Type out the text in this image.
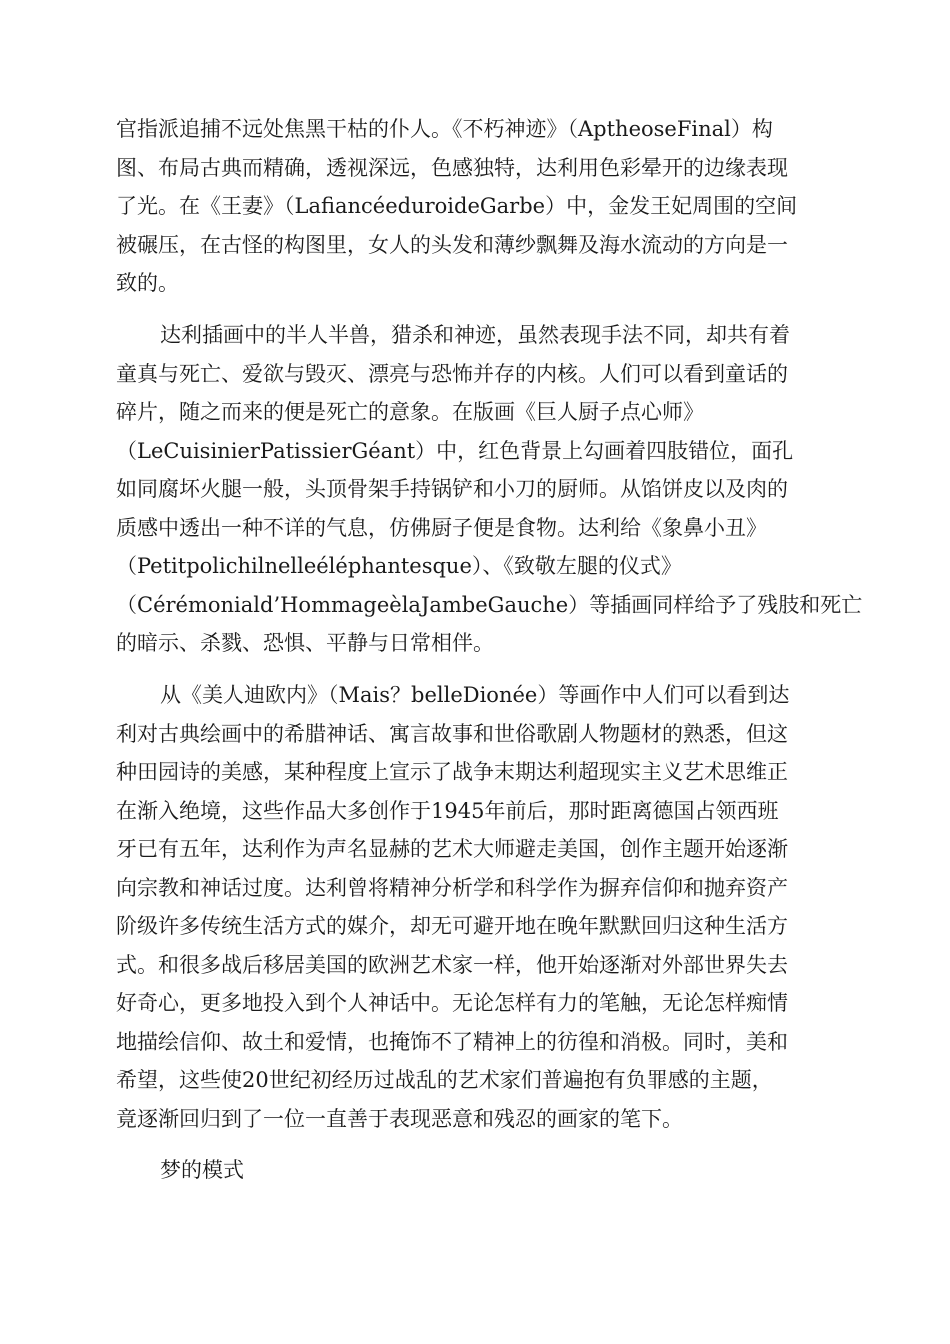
官指派追捕不远处焦黑干枯的仆人。《不朽神迹》（AptheoseFinal）构
图、布局古典而精确，透视深远，色感独特，达利用色彩晕开的边缘表现
了光。在《王妻》（LafiancéeduroideGarbe）中，金发王妃周围的空间
被碾压，在古怪的构图里，女人的头发和薄纱飘舞及海水流动的方向是一
致的。
达利插画中的半人半兽，猎杀和神迹，虽然表现手法不同，却共有着
童真与死亡、爱欲与毁灭、漂亮与恐怖并存的内核。人们可以看到童话的
碎片，随之而来的便是死亡的意象。在版画《巨人厨子点心师》
（LeCuisinierPatissierGéant）中，红色背景上勾画着四肢错位，面孔
如同腐坏火腿一般，头顶骨架手持锅铲和小刀的厨师。从馅饼皮以及肉的
质感中透出一种不详的气息，仿佛厨子便是食物。达利给《象鼻小丑》
（Petitpolichilnelleéléphantesque）、《致敬左腿的仪式》
（Cérémoniald’HommageèlaJambeGauche）等插画同样给予了残肢和死亡
的暗示、杀戮、恐惧、平静与日常相伴。
从《美人迪欧内》（Mais？belleDionée）等画作中人们可以看到达
利对古典绘画中的希腊神话、寓言故事和世俗歌剧人物题材的熟悉，但这
种田园诗的美感，某种程度上宣示了战争末期达利超现实主义艺术思维正
在渐入绝境，这些作品大多创作于1945年前后，那时距离德国占领西班
牙已有五年，达利作为声名显赫的艺术大师避走美国，创作主题开始逐渐
向宗教和神话过度。达利曾将精神分析学和科学作为摒弃信仰和抛弃资产
阶级许多传统生活方式的媒介，却无可避开地在晚年默默回归这种生活方
式。和很多战后移居美国的欧洲艺术家一样，他开始逐渐对外部世界失去
好奇心，更多地投入到个人神话中。无论怎样有力的笔触，无论怎样痴情
地描绘信仰、故土和爱情，也掩饰不了精神上的彷徨和消极。同时，美和
希望，这些使20世纪初经历过战乱的艺术家们普遍抱有负罪感的主题，
竟逐渐回归到了一位一直善于表现恶意和残忍的画家的笔下。
梦的模式
